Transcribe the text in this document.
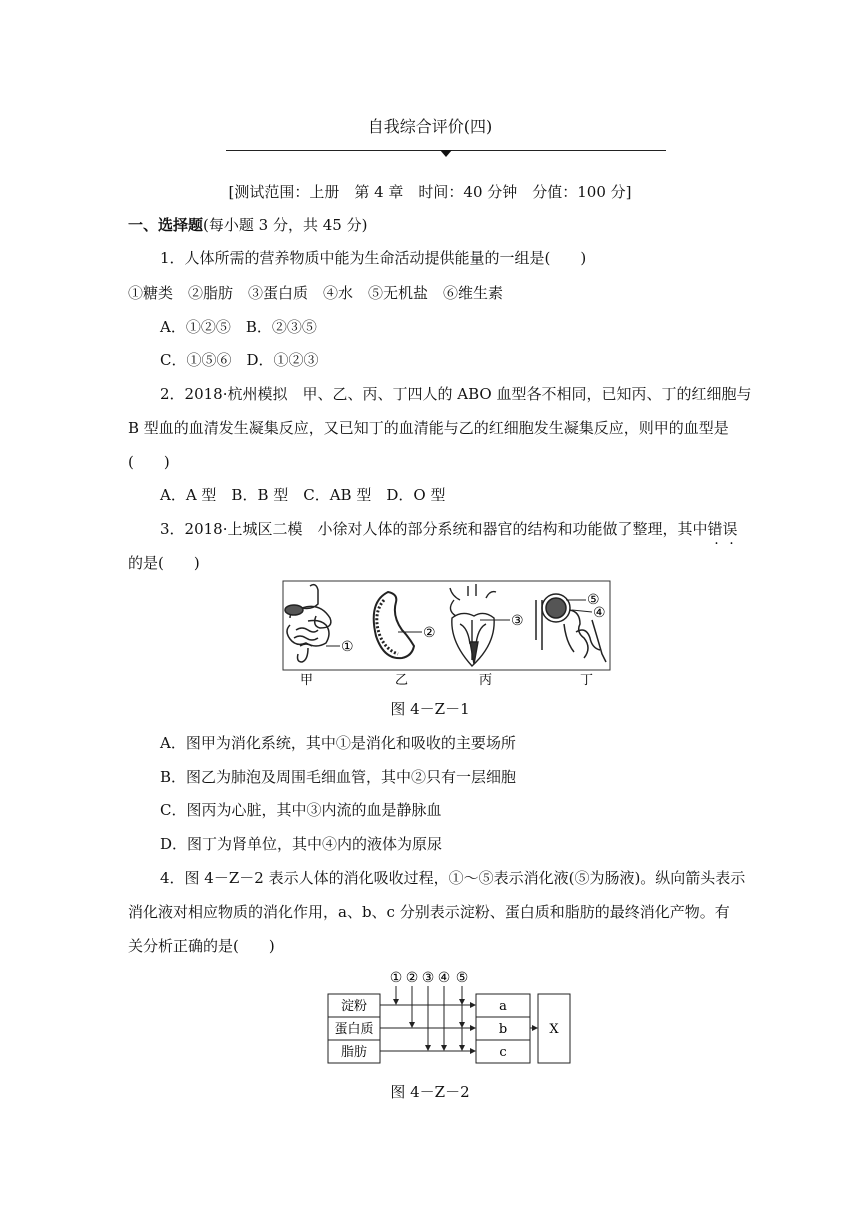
自我综合评价(四)
[测试范围：上册　第 4 章　时间：40 分钟　分值：100 分]
一、选择题(每小题 3 分，共 45 分)

1．人体所需的营养物质中能为生命活动提供能量的一组是(　　)

①糖类　②脂肪　③蛋白质　④水　⑤无机盐　⑥维生素

A．①②⑤　B．②③⑤

C．①⑤⑥　D．①②③

2．2018·杭州模拟　甲、乙、丙、丁四人的 ABO 血型各不相同，已知丙、丁的红细胞与

B 型血的血清发生凝集反应，又已知丁的血清能与乙的红细胞发生凝集反应，则甲的血型是

(　　)

A．A 型　B．B 型　C．AB 型　D．O 型

3．2018·上城区二模　小徐对人体的部分系统和器官的结构和功能做了整理，其中错误

的是(　　)

①
②
③
⑤
④
甲	乙	丙	丁
图 4－Z－1

A．图甲为消化系统，其中①是消化和吸收的主要场所

B．图乙为肺泡及周围毛细血管，其中②只有一层细胞

C．图丙为心脏，其中③内流的血是静脉血

D．图丁为肾单位，其中④内的液体为原尿

4．图 4－Z－2 表示人体的消化吸收过程，①～⑤表示消化液(⑤为肠液)。纵向箭头表示

消化液对相应物质的消化作用，a、b、c 分别表示淀粉、蛋白质和脂肪的最终消化产物。有

关分析正确的是(　　)

① ② ③ ④ ⑤
淀粉
蛋白质
脂肪
a
b
c
X
图 4－Z－2
